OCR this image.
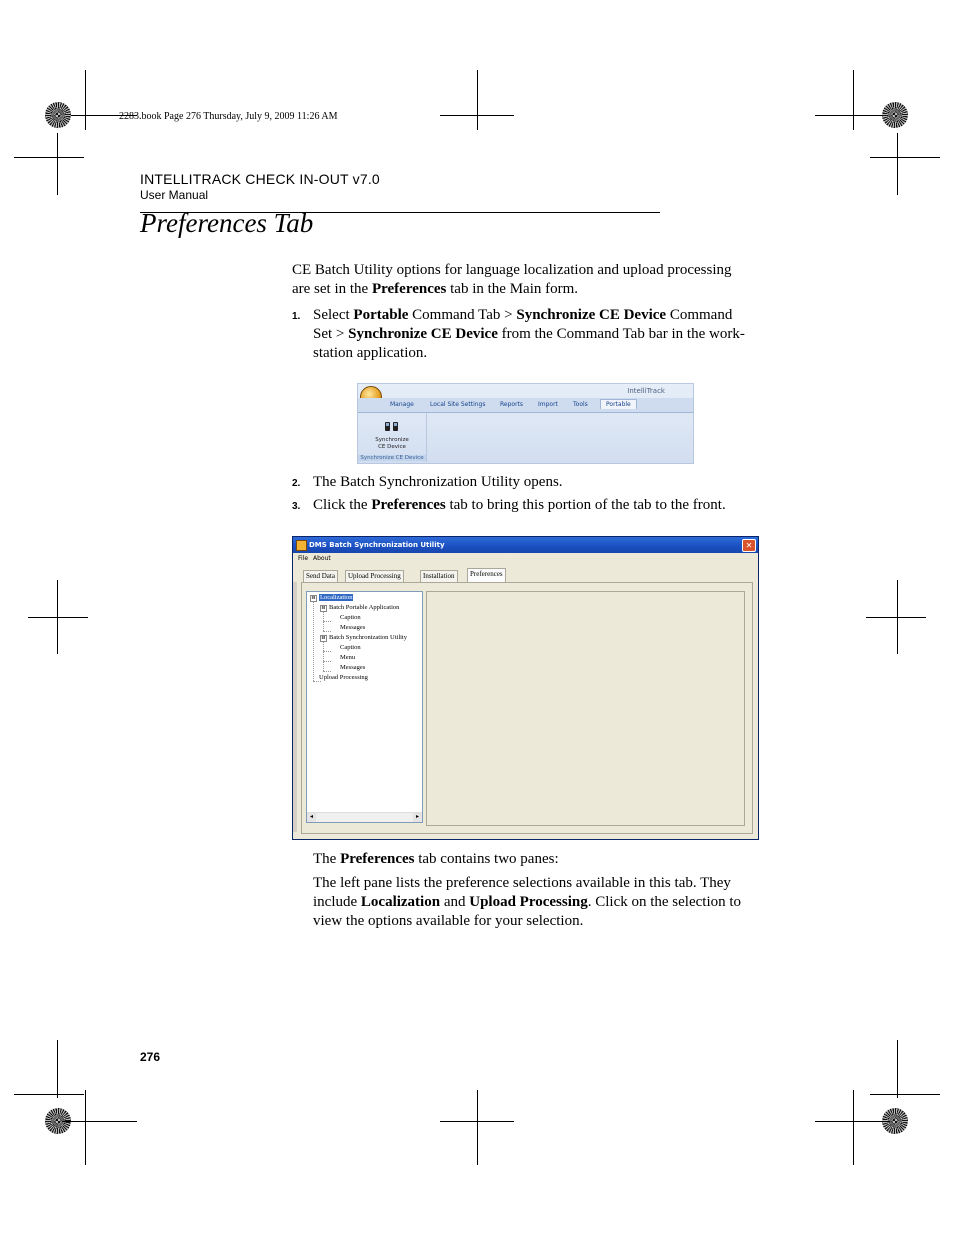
2283.book Page 276 Thursday, July 9, 2009 11:26 AM
INTELLITRACK CHECK IN-OUT v7.0
User Manual
Preferences Tab
CE Batch Utility options for language localization and upload processing
are set in the Preferences tab in the Main form.
1. Select Portable Command Tab > Synchronize CE Device Command
Set > Synchronize CE Device from the Command Tab bar in the work-
station application.
IntelliTrack
Manage	Local Site Settings Reports Import	Tools	Portable
Synchronize
CE Device
Synchronize CE Device
2. The Batch Synchronization Utility opens.
3. Click the Preferences tab to bring this portion of the tab to the front.
DMS Batch Synchronization Utility	✕
File About
Send Data	Upload Processing	Installation	Preferences
⊟ Localization
⊟ Batch Portable Application
Caption
Messages
⊟ Batch Synchronization Utility
Caption
Menu
Messages
Upload Processing
◂	▸
The Preferences tab contains two panes:
The left pane lists the preference selections available in this tab. They
include Localization and Upload Processing. Click on the selection to
view the options available for your selection.
276
